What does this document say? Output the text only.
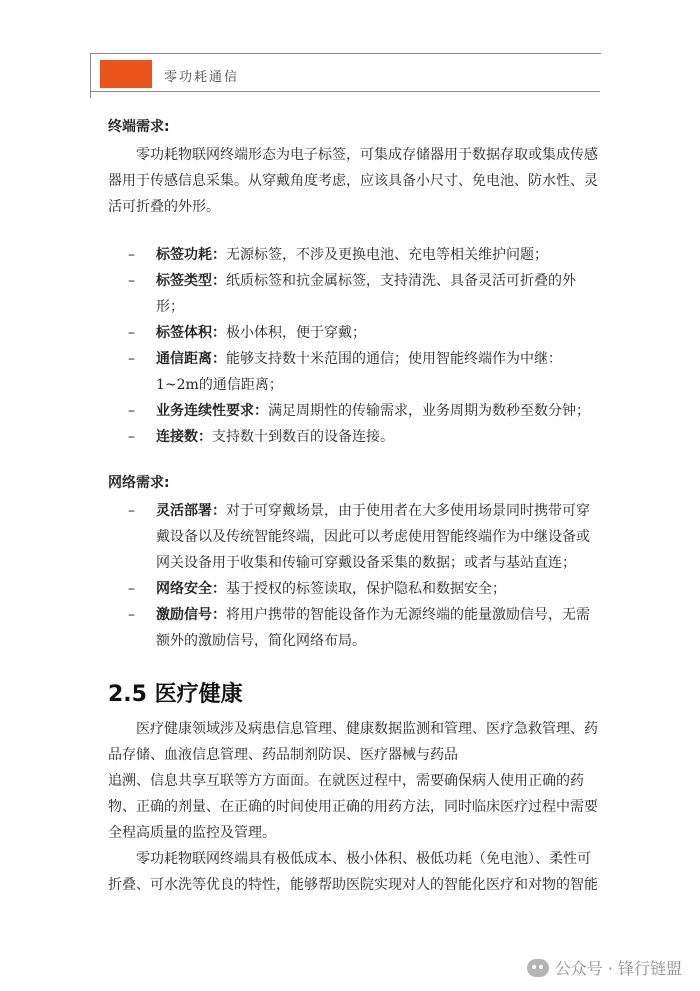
零功耗通信
终端需求:

零功耗物联网终端形态为电子标签，可集成存储器用于数据存取或集成传感器用于传感信息采集。从穿戴角度考虑，应该具备小尺寸、免电池、防水性、灵活可折叠的外形。

– 标签功耗：无源标签，不涉及更换电池、充电等相关维护问题；
– 标签类型：纸质标签和抗金属标签，支持清洗、具备灵活可折叠的外形；
– 标签体积：极小体积，便于穿戴；
– 通信距离：能够支持数十米范围的通信；使用智能终端作为中继：1~2m的通信距离；
– 业务连续性要求：满足周期性的传输需求，业务周期为数秒至数分钟；
– 连接数：支持数十到数百的设备连接。
网络需求:
– 灵活部署：对于可穿戴场景，由于使用者在大多使用场景同时携带可穿戴设备以及传统智能终端，因此可以考虑使用智能终端作为中继设备或网关设备用于收集和传输可穿戴设备采集的数据；或者与基站直连；
– 网络安全：基于授权的标签读取，保护隐私和数据安全；
– 激励信号：将用户携带的智能设备作为无源终端的能量激励信号，无需额外的激励信号，简化网络布局。
2.5 医疗健康

医疗健康领域涉及病患信息管理、健康数据监测和管理、医疗急救管理、药品存储、血液信息管理、药品制剂防误、医疗器械与药品

追溯、信息共享互联等方方面面。在就医过程中，需要确保病人使用正确的药物、正确的剂量、在正确的时间使用正确的用药方法，同时临床医疗过程中需要全程高质量的监控及管理。

零功耗物联网终端具有极低成本、极小体积、极低功耗（免电池）、柔性可折叠、可水洗等优良的特性，能够帮助医院实现对人的智能化医疗和对物的智能

公众号 · 锋行链盟
